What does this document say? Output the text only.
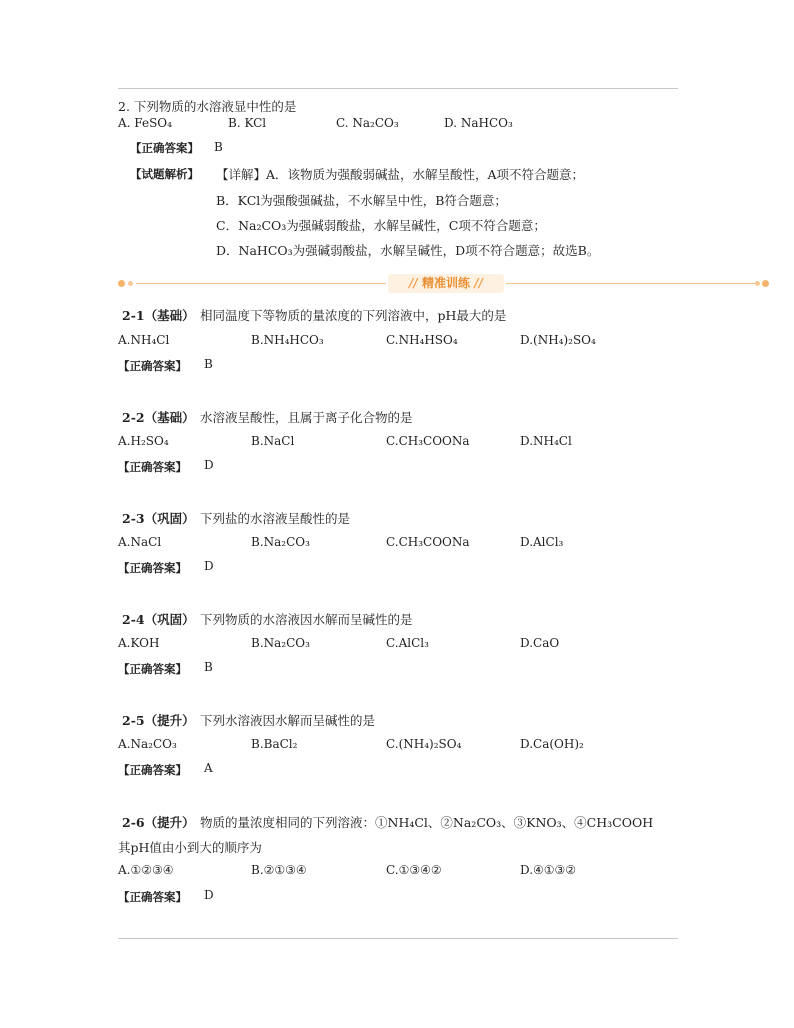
2. 下列物质的水溶液显中性的是
A. FeSO₄	B. KCl	C. Na₂CO₃	D. NaHCO₃
【正确答案】 B
【试题解析】 【详解】A．该物质为强酸弱碱盐，水解呈酸性，A项不符合题意；
B．KCl为强酸强碱盐，不水解呈中性，B符合题意；
C．Na₂CO₃为强碱弱酸盐，水解呈碱性，C项不符合题意；
D．NaHCO₃为强碱弱酸盐，水解呈碱性，D项不符合题意；故选B。
// 精准训练 //
2-1（基础） 相同温度下等物质的量浓度的下列溶液中，pH最大的是
A.NH₄Cl	B.NH₄HCO₃	C.NH₄HSO₄	D.(NH₄)₂SO₄
【正确答案】 B
2-2（基础） 水溶液呈酸性，且属于离子化合物的是
A.H₂SO₄	B.NaCl	C.CH₃COONa	D.NH₄Cl
【正确答案】 D
2-3（巩固） 下列盐的水溶液呈酸性的是
A.NaCl	B.Na₂CO₃	C.CH₃COONa	D.AlCl₃
【正确答案】 D
2-4（巩固） 下列物质的水溶液因水解而呈碱性的是
A.KOH	B.Na₂CO₃	C.AlCl₃	D.CaO
【正确答案】 B
2-5（提升） 下列水溶液因水解而呈碱性的是
A.Na₂CO₃	B.BaCl₂	C.(NH₄)₂SO₄	D.Ca(OH)₂
【正确答案】 A
2-6（提升） 物质的量浓度相同的下列溶液：①NH₄Cl、②Na₂CO₃、③KNO₃、④CH₃COOH
其pH值由小到大的顺序为
A.①②③④	B.②①③④	C.①③④②	D.④①③②
【正确答案】 D
